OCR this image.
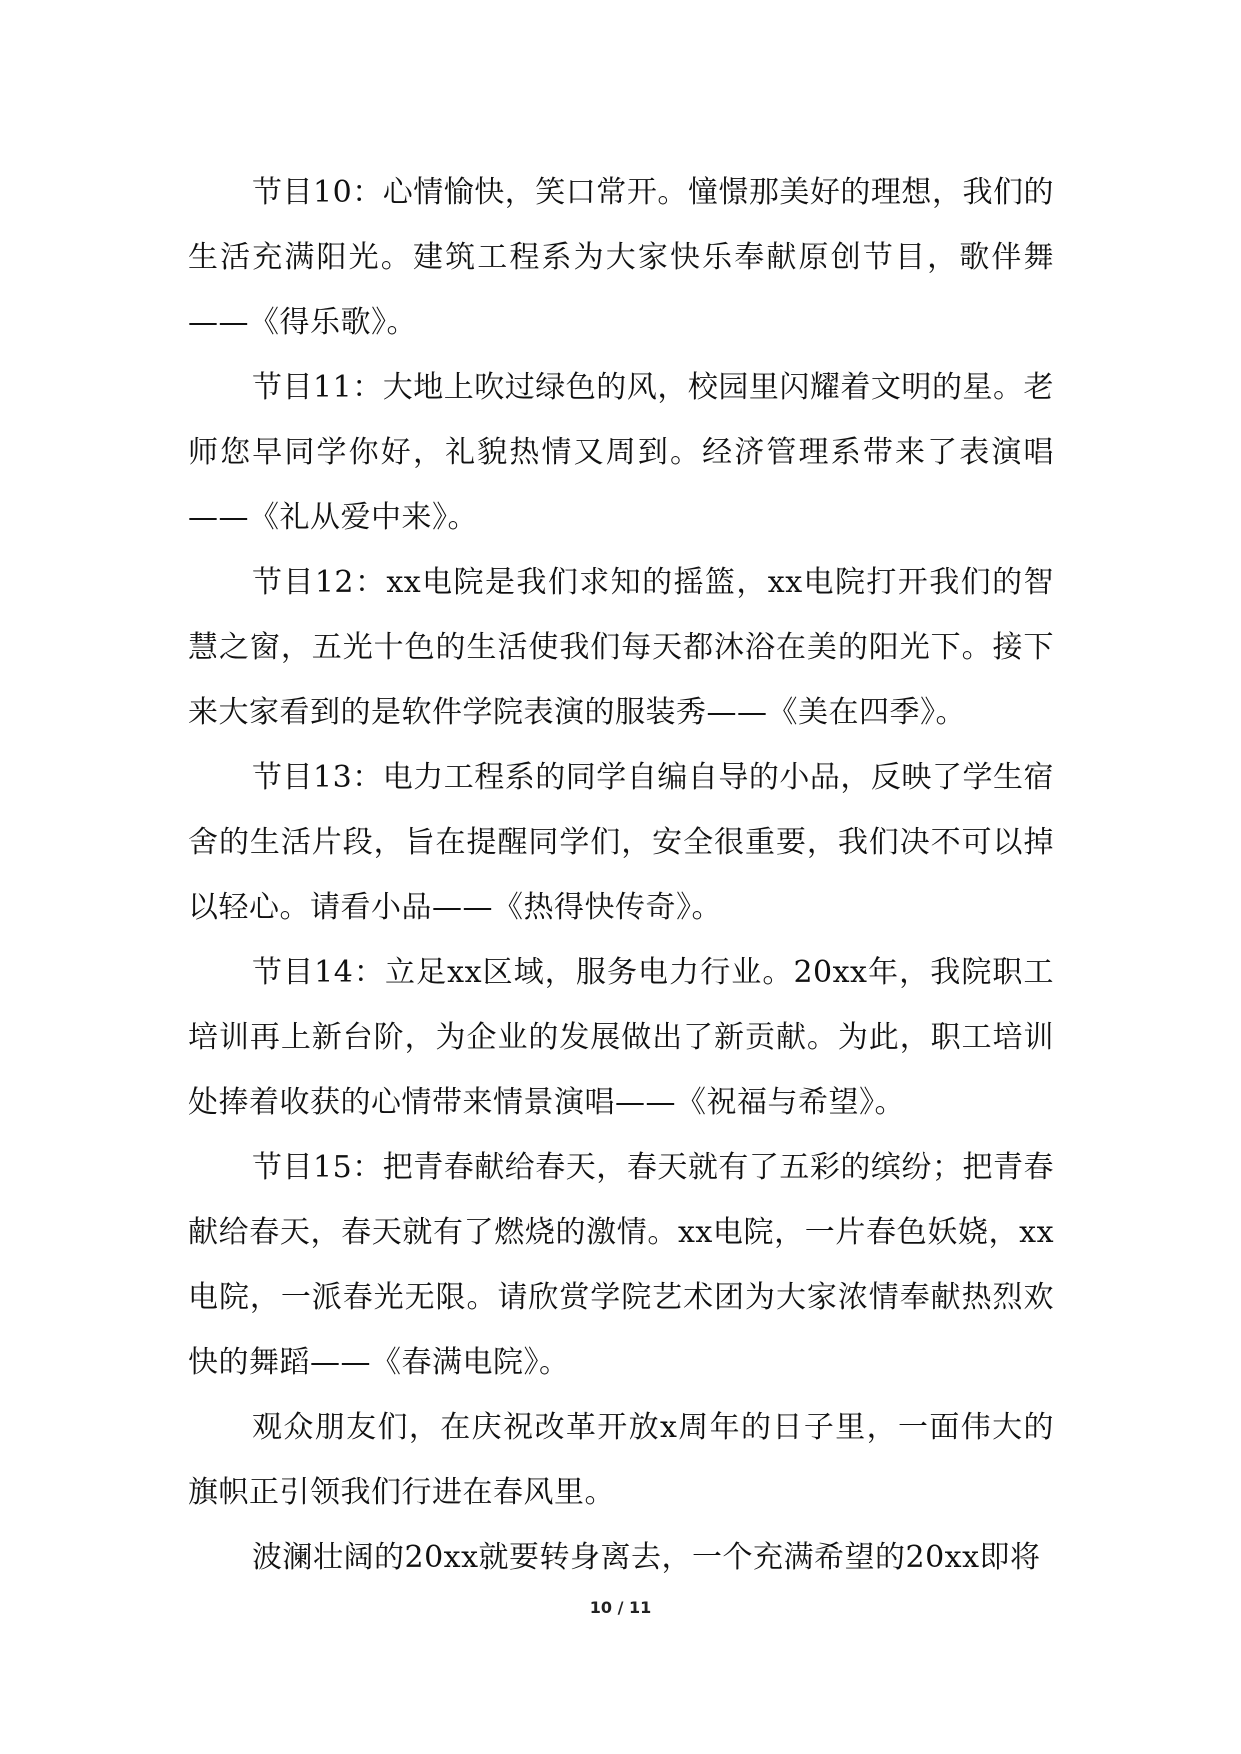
节目10：心情愉快，笑口常开。憧憬那美好的理想，我们的生活充满阳光。建筑工程系为大家快乐奉献原创节目，歌伴舞——《得乐歌》。

节目11：大地上吹过绿色的风，校园里闪耀着文明的星。老师您早同学你好，礼貌热情又周到。经济管理系带来了表演唱——《礼从爱中来》。

节目12：xx电院是我们求知的摇篮，xx电院打开我们的智慧之窗，五光十色的生活使我们每天都沐浴在美的阳光下。接下来大家看到的是软件学院表演的服装秀——《美在四季》。

节目13：电力工程系的同学自编自导的小品，反映了学生宿舍的生活片段，旨在提醒同学们，安全很重要，我们决不可以掉以轻心。请看小品——《热得快传奇》。

节目14：立足xx区域，服务电力行业。20xx年，我院职工培训再上新台阶，为企业的发展做出了新贡献。为此，职工培训处捧着收获的心情带来情景演唱——《祝福与希望》。

节目15：把青春献给春天，春天就有了五彩的缤纷；把青春献给春天，春天就有了燃烧的激情。xx电院，一片春色妖娆，xx电院，一派春光无限。请欣赏学院艺术团为大家浓情奉献热烈欢快的舞蹈——《春满电院》。

观众朋友们，在庆祝改革开放x周年的日子里，一面伟大的旗帜正引领我们行进在春风里。

波澜壮阔的20xx就要转身离去，一个充满希望的20xx即将

10 / 11
